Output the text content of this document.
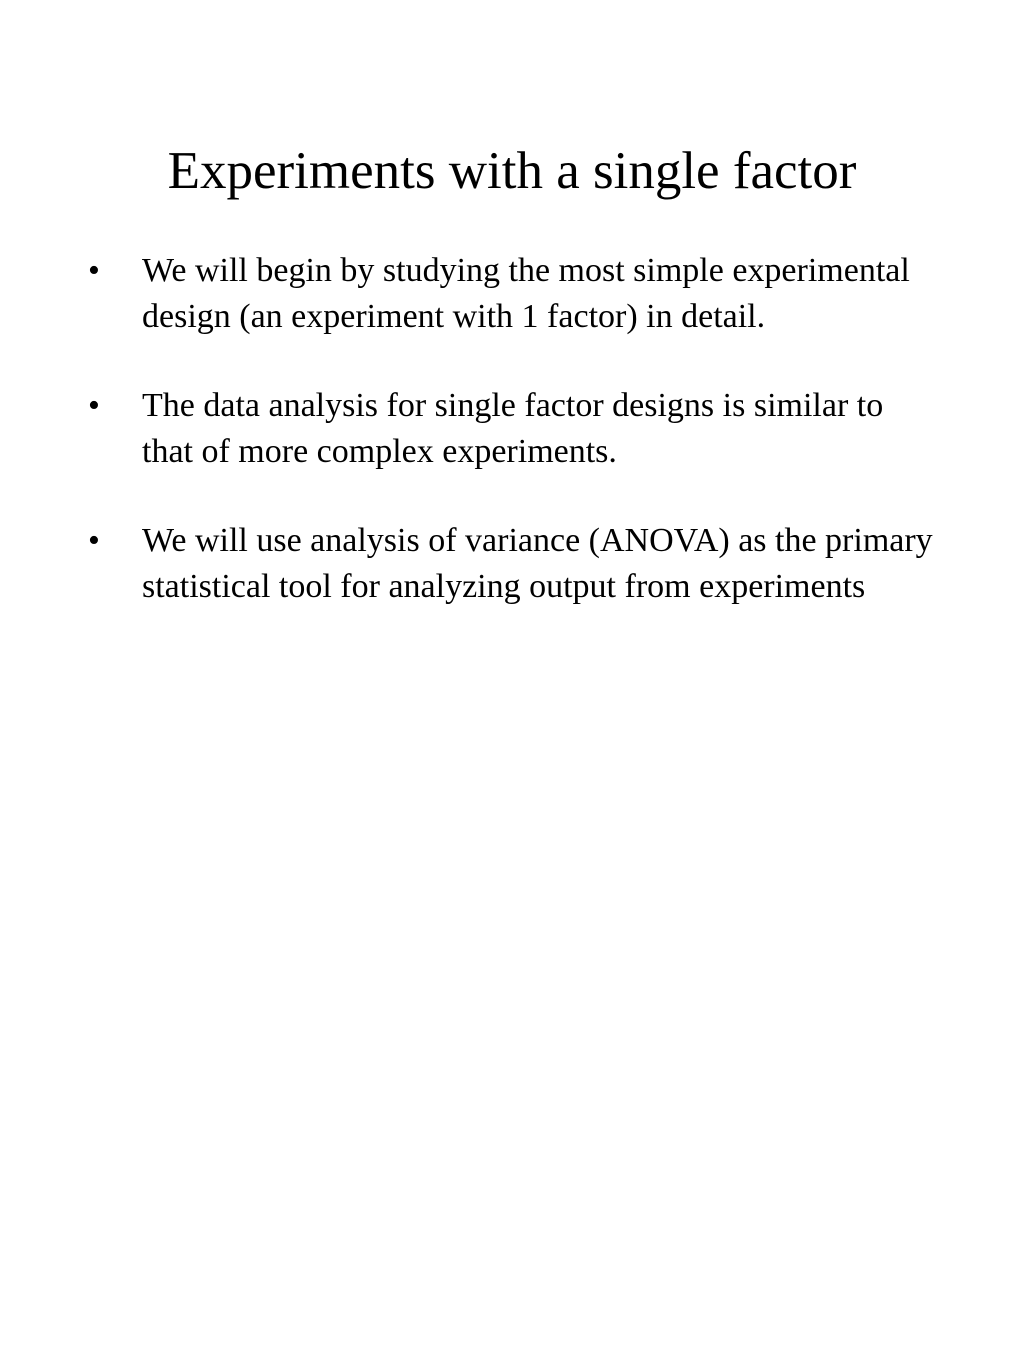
Experiments with a single factor
• We will begin by studying the most simple experimental design (an experiment with 1 factor) in detail.
• The data analysis for single factor designs is similar to that of more complex experiments.
• We will use analysis of variance (ANOVA) as the primary statistical tool for analyzing output from experiments
